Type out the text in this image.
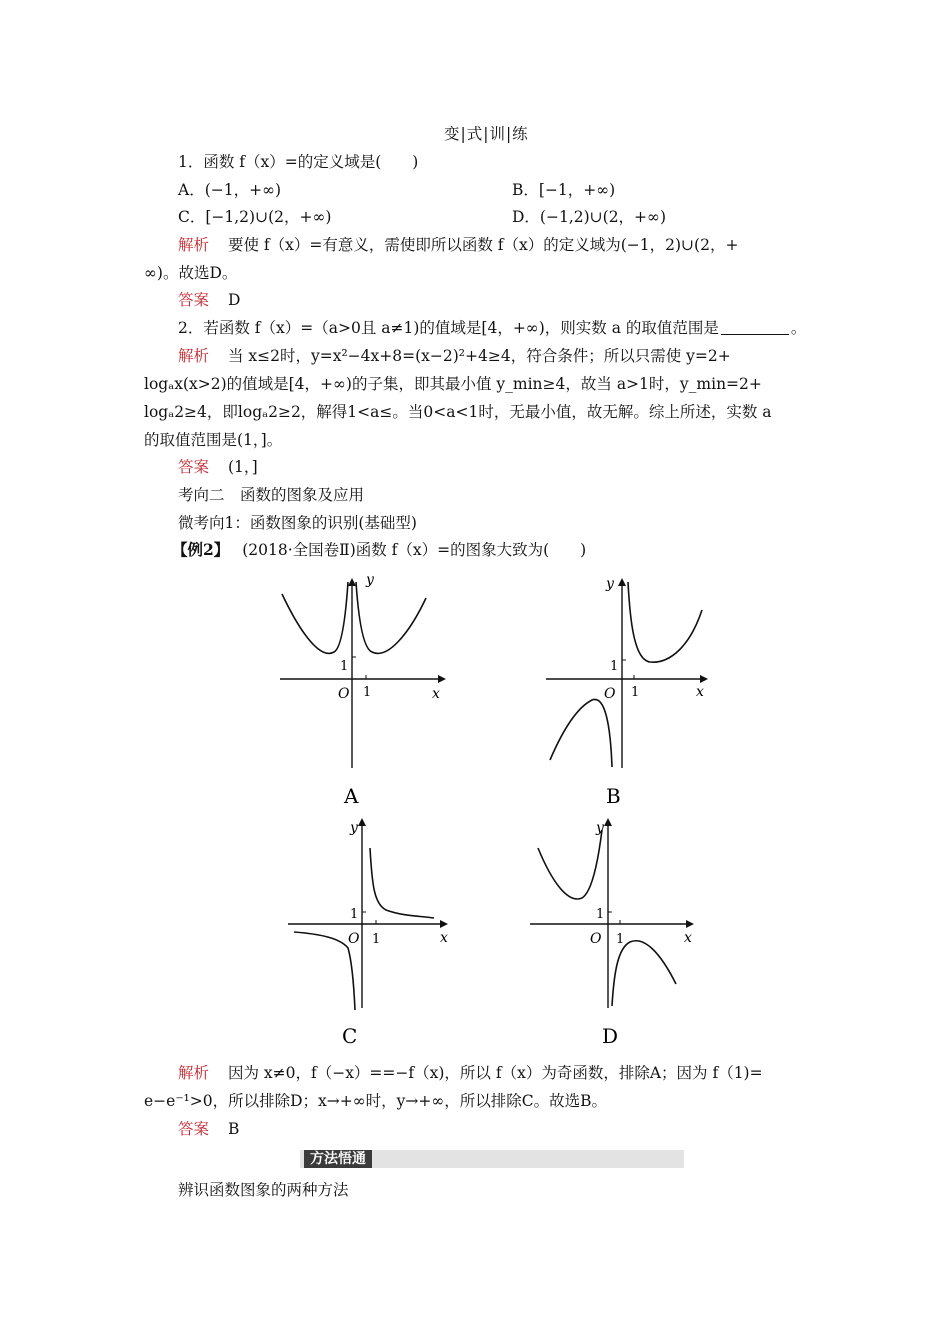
变|式|训|练
1．函数 f（x）=的定义域是(　　)
A．(−1，+∞)	B．[−1，+∞)
C．[−1,2)∪(2，+∞)	D．(−1,2)∪(2，+∞)
解析 要使 f（x）=有意义，需使即所以函数 f（x）的定义域为(−1，2)∪(2，+
∞)。故选D。
答案 D
2．若函数 f（x）=（a>0且 a≠1)的值域是[4，+∞)，则实数 a 的取值范围是	。
解析 当 x≤2时，y=x²−4x+8=(x−2)²+4≥4，符合条件；所以只需使 y=2+
logₐx(x>2)的值域是[4，+∞)的子集，即其最小值 y_min≥4，故当 a>1时，y_min=2+
logₐ2≥4，即logₐ2≥2，解得1<a≤。当0<a<1时，无最小值，故无解。综上所述，实数 a
的取值范围是(1，]。
答案 (1，]
考向二　函数的图象及应用
微考向1：函数图象的识别(基础型)
【例2】 (2018·全国卷Ⅱ)函数 f（x）=的图象大致为(　　)
y
x
O
1
1
A
y
x
O
1
1
B
y
x
O
1
1
C
y
x
O
1
1
D
解析 因为 x≠0，f（−x）==−f（x)，所以 f（x）为奇函数，排除A；因为 f（1)=
e−e⁻¹>0，所以排除D；x→+∞时，y→+∞，所以排除C。故选B。
答案 B
方法悟通
辨识函数图象的两种方法
